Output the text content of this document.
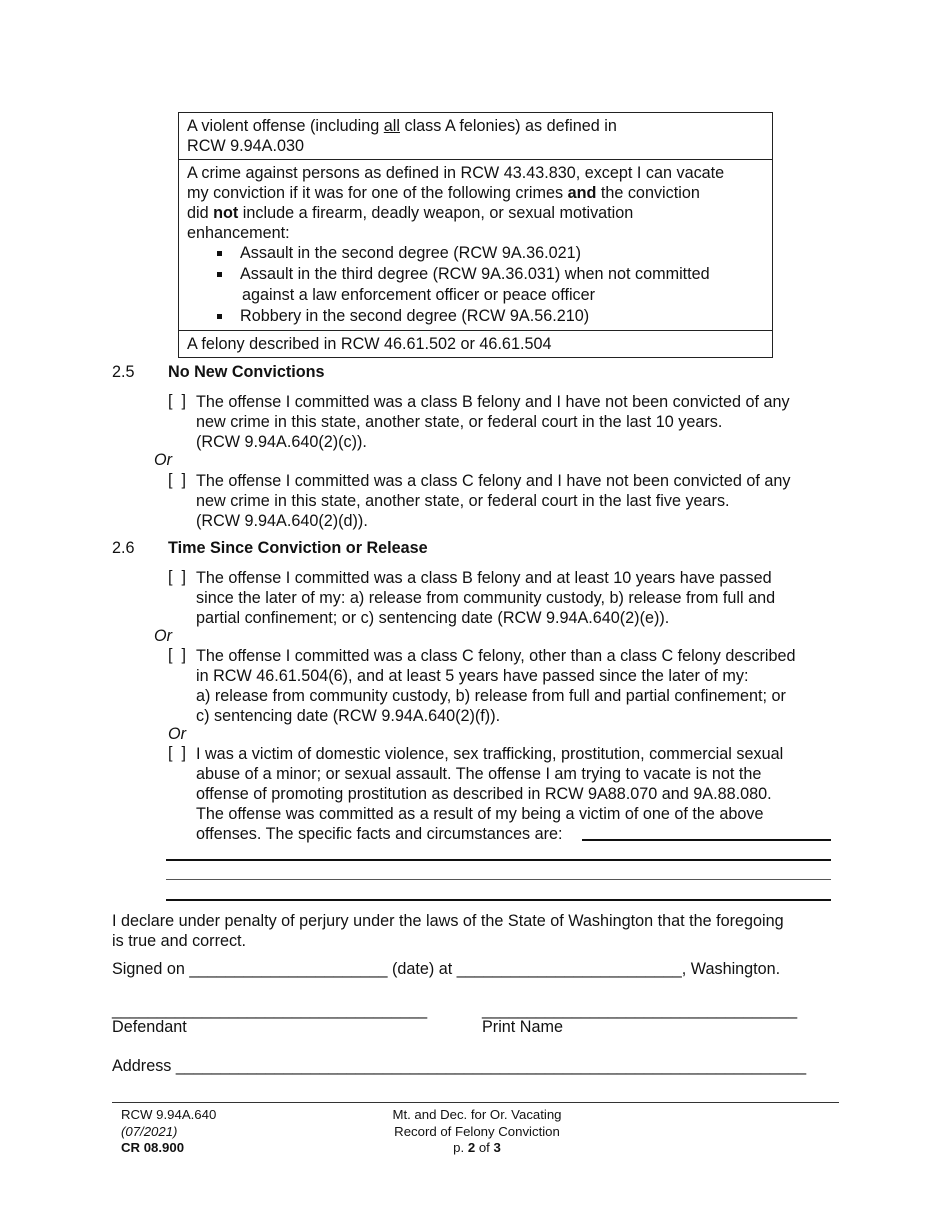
A violent offense (including all class A felonies) as defined in
RCW 9.94A.030
A crime against persons as defined in RCW 43.43.830, except I can vacate
my conviction if it was for one of the following crimes and the conviction
did not include a firearm, deadly weapon, or sexual motivation
enhancement:
Assault in the second degree (RCW 9A.36.021)
Assault in the third degree (RCW 9A.36.031) when not committed
against a law enforcement officer or peace officer
Robbery in the second degree (RCW 9A.56.210)
A felony described in RCW 46.61.502 or 46.61.504
2.5 No New Convictions
[  ] The offense I committed was a class B felony and I have not been convicted of any
new crime in this state, another state, or federal court in the last 10 years.
(RCW 9.94A.640(2)(c)).
Or
[  ] The offense I committed was a class C felony and I have not been convicted of any
new crime in this state, another state, or federal court in the last five years.
(RCW 9.94A.640(2)(d)).
2.6 Time Since Conviction or Release
[  ] The offense I committed was a class B felony and at least 10 years have passed
since the later of my: a) release from community custody, b) release from full and
partial confinement; or c) sentencing date (RCW 9.94A.640(2)(e)).
Or
[  ] The offense I committed was a class C felony, other than a class C felony described
in RCW 46.61.504(6), and at least 5 years have passed since the later of my:
a) release from community custody, b) release from full and partial confinement; or
c) sentencing date (RCW 9.94A.640(2)(f)).
Or
[  ] I was a victim of domestic violence, sex trafficking, prostitution, commercial sexual
abuse of a minor; or sexual assault. The offense I am trying to vacate is not the
offense of promoting prostitution as described in RCW 9A88.070 and 9A.88.080.
The offense was committed as a result of my being a victim of one of the above
offenses. The specific facts and circumstances are:
I declare under penalty of perjury under the laws of the State of Washington that the foregoing
is true and correct.
Signed on ______________________ (date) at _________________________, Washington.
___________________________________	___________________________________
Defendant	Print Name
Address ______________________________________________________________________
RCW 9.94A.640
(07/2021)
CR 08.900
Mt. and Dec. for Or. Vacating
Record of Felony Conviction
p. 2 of 3
